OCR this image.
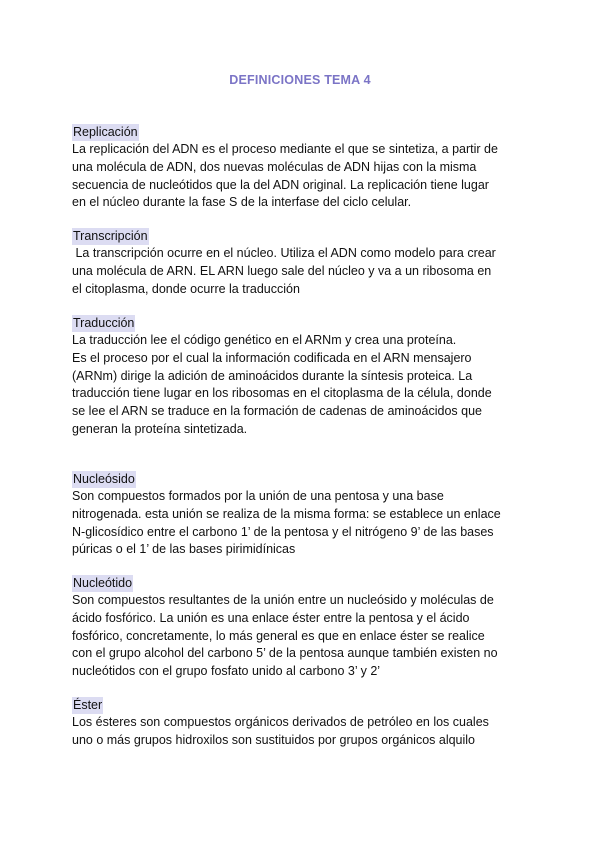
DEFINICIONES TEMA 4
Replicación
La replicación del ADN es el proceso mediante el que se sintetiza, a partir de
una molécula de ADN, dos nuevas moléculas de ADN hijas con la misma
secuencia de nucleótidos que la del ADN original. La replicación tiene lugar
en el núcleo durante la fase S de la interfase del ciclo celular.
Transcripción
La transcripción ocurre en el núcleo. Utiliza el ADN como modelo para crear
una molécula de ARN. EL ARN luego sale del núcleo y va a un ribosoma en
el citoplasma, donde ocurre la traducción
Traducción
La traducción lee el código genético en el ARNm y crea una proteína.
Es el proceso por el cual la información codificada en el ARN mensajero
(ARNm) dirige la adición de aminoácidos durante la síntesis proteica. La
traducción tiene lugar en los ribosomas en el citoplasma de la célula, donde
se lee el ARN se traduce en la formación de cadenas de aminoácidos que
generan la proteína sintetizada.
Nucleósido
Son compuestos formados por la unión de una pentosa y una base
nitrogenada. esta unión se realiza de la misma forma: se establece un enlace
N-glicosídico entre el carbono 1’ de la pentosa y el nitrógeno 9’ de las bases
púricas o el 1’ de las bases pirimidínicas
Nucleótido
Son compuestos resultantes de la unión entre un nucleósido y moléculas de
ácido fosfórico. La unión es una enlace éster entre la pentosa y el ácido
fosfórico, concretamente, lo más general es que en enlace éster se realice
con el grupo alcohol del carbono 5’ de la pentosa aunque también existen no
nucleótidos con el grupo fosfato unido al carbono 3’ y 2’
Éster
Los ésteres son compuestos orgánicos derivados de petróleo en los cuales
uno o más grupos hidroxilos son sustituidos por grupos orgánicos alquilo
